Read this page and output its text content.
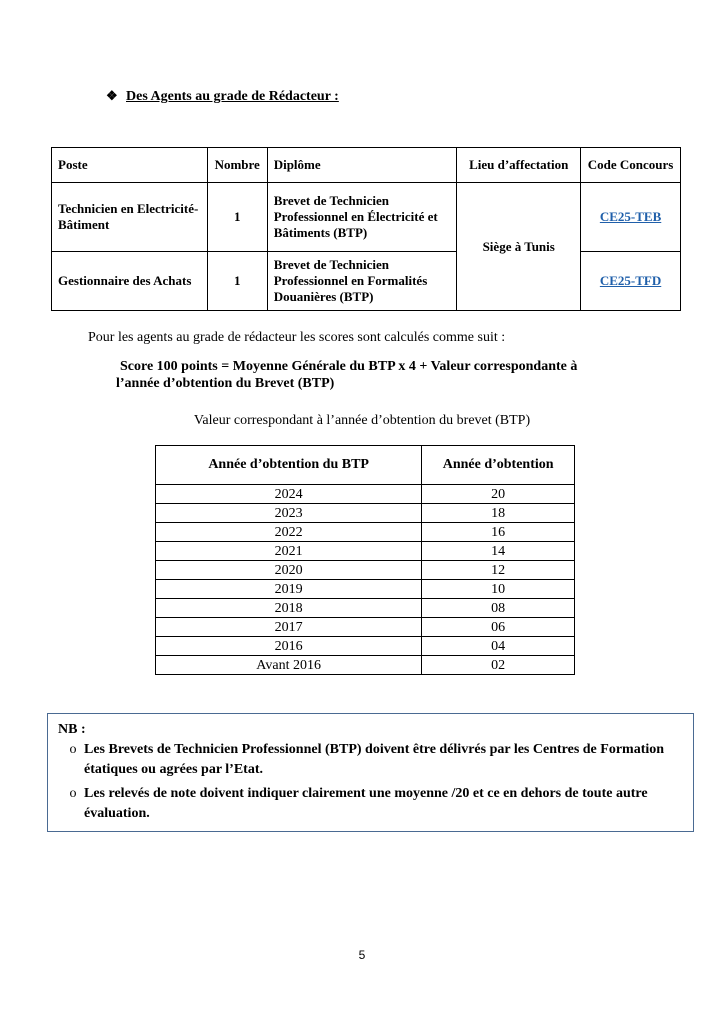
❖ Des Agents au grade de Rédacteur :
Poste	Nombre	Diplôme	Lieu d’affectation	Code Concours
Technicien en Electricité-Bâtiment	1	Brevet de Technicien Professionnel en Électricité et Bâtiments (BTP)	Siège à Tunis	CE25-TEB
Gestionnaire des Achats	1	Brevet de Technicien Professionnel en Formalités Douanières (BTP)		CE25-TFD
Pour les agents au grade de rédacteur les scores sont calculés comme suit :
Score 100 points = Moyenne Générale du BTP x 4 + Valeur correspondante à
l’année d’obtention du Brevet (BTP)
Valeur correspondant à l’année d’obtention du brevet (BTP)
Année d’obtention du BTP	Année d’obtention
2024	20
2023	18
2022	16
2021	14
2020	12
2019	10
2018	08
2017	06
2016	04
Avant 2016	02
NB :
o Les Brevets de Technicien Professionnel (BTP) doivent être délivrés par les Centres de Formation étatiques ou agrées par l’Etat.
o Les relevés de note doivent indiquer clairement une moyenne /20 et ce en dehors de toute autre évaluation.
5
